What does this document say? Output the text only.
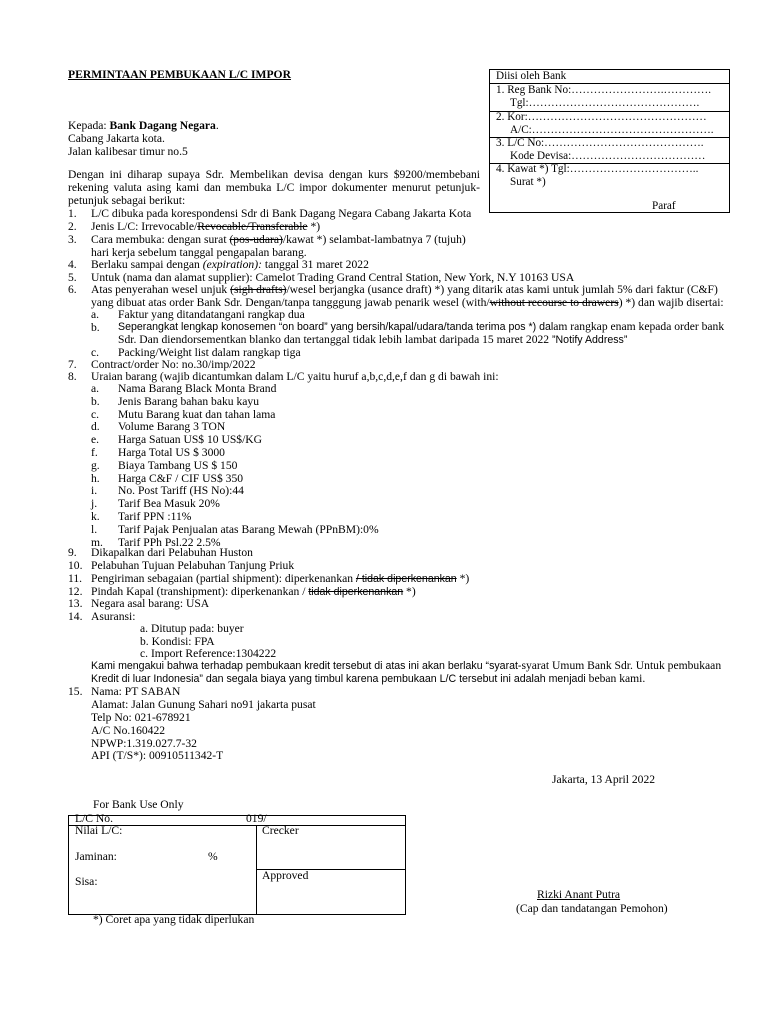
PERMINTAAN PEMBUKAAN L/C IMPOR	Diisi oleh Bank
1. Reg Bank No:…………………….………….
Tgl:……………………………………….
2. Kor:…………………………………………
A/C:………………………………………….
3. L/C No:…………………………………….
Kode Devisa:………………………………
4. Kawat *) Tgl:……………………………..
Surat *)
Paraf
Kepada: Bank Dagang Negara.
Cabang Jakarta kota.
Jalan kalibesar timur no.5
Dengan ini diharap supaya Sdr. Membelikan devisa dengan kurs $9200/membebani rekening valuta asing kami dan membuka L/C impor dokumenter menurut petunjuk-petunjuk sebagai berikut:
1. L/C dibuka pada korespondensi Sdr di Bank Dagang Negara Cabang Jakarta Kota
2. Jenis L/C: Irrevocable/Revocable/Transferable *)
3. Cara membuka: dengan surat (pos-udara)/kawat *) selambat-lambatnya 7 (tujuh)
hari kerja sebelum tanggal pengapalan barang.
4. Berlaku sampai dengan (expiration): tanggal 31 maret 2022
5. Untuk (nama dan alamat supplier): Camelot Trading Grand Central Station, New York, N.Y 10163 USA
6. Atas penyerahan wesel unjuk (sigh drafts)/wesel berjangka (usance draft) *) yang ditarik atas kami untuk jumlah 5% dari faktur (C&F)
yang dibuat atas order Bank Sdr. Dengan/tanpa tangggung jawab penarik wesel (with/without recourse to drawers) *) dan wajib disertai:
a. Faktur yang ditandatangani rangkap dua
b. Seperangkat lengkap konosemen “on board” yang bersih/kapal/udara/tanda terima pos *) dalam rangkap enam kepada order bank
Sdr. Dan diendorsementkan blanko dan tertanggal tidak lebih lambat daripada 15 maret 2022 ”Notify Address”
c. Packing/Weight list dalam rangkap tiga
7. Contract/order No: no.30/imp/2022
8. Uraian barang (wajib dicantumkan dalam L/C yaitu huruf a,b,c,d,e,f dan g di bawah ini:
a. Nama Barang Black Monta Brand
b. Jenis Barang bahan baku kayu
c. Mutu Barang kuat dan tahan lama
d. Volume Barang 3 TON
e. Harga Satuan US$ 10 US$/KG
f. Harga Total US $ 3000
g. Biaya Tambang US $ 150
h. Harga C&F / CIF US$ 350
i. No. Post Tariff (HS No):44
j. Tarif Bea Masuk 20%
k. Tarif PPN :11%
l. Tarif Pajak Penjualan atas Barang Mewah (PPnBM):0%
m. Tarif PPh Psl.22 2.5%
9. Dikapalkan dari Pelabuhan Huston
10. Pelabuhan Tujuan Pelabuhan Tanjung Priuk
11. Pengiriman sebagaian (partial shipment): diperkenankan / tidak diperkenankan *)
12. Pindah Kapal (transhipment): diperkenankan / tidak diperkenankan *)
13. Negara asal barang: USA
14. Asuransi:
a. Ditutup pada: buyer
b. Kondisi: FPA
c. Import Reference:1304222
Kami mengakui bahwa terhadap pembukaan kredit tersebut di atas ini akan berlaku “syarat-syarat Umum Bank Sdr. Untuk pembukaan
Kredit di luar Indonesia” dan segala biaya yang timbul karena pembukaan L/C tersebut ini adalah menjadi beban kami.
15. Nama: PT SABAN
Alamat: Jalan Gunung Sahari no91 jakarta pusat
Telp No: 021-678921
A/C No.160422
NPWP:1.319.027.7-32
API (T/S*): 00910511342-T
Jakarta, 13 April 2022
For Bank Use Only
L/C No.	019/
Nilai L/C:
Jaminan:	%
Sisa:
Crecker
Approved
*) Coret apa yang tidak diperlukan
Rizki Anant Putra
(Cap dan tandatangan Pemohon)
